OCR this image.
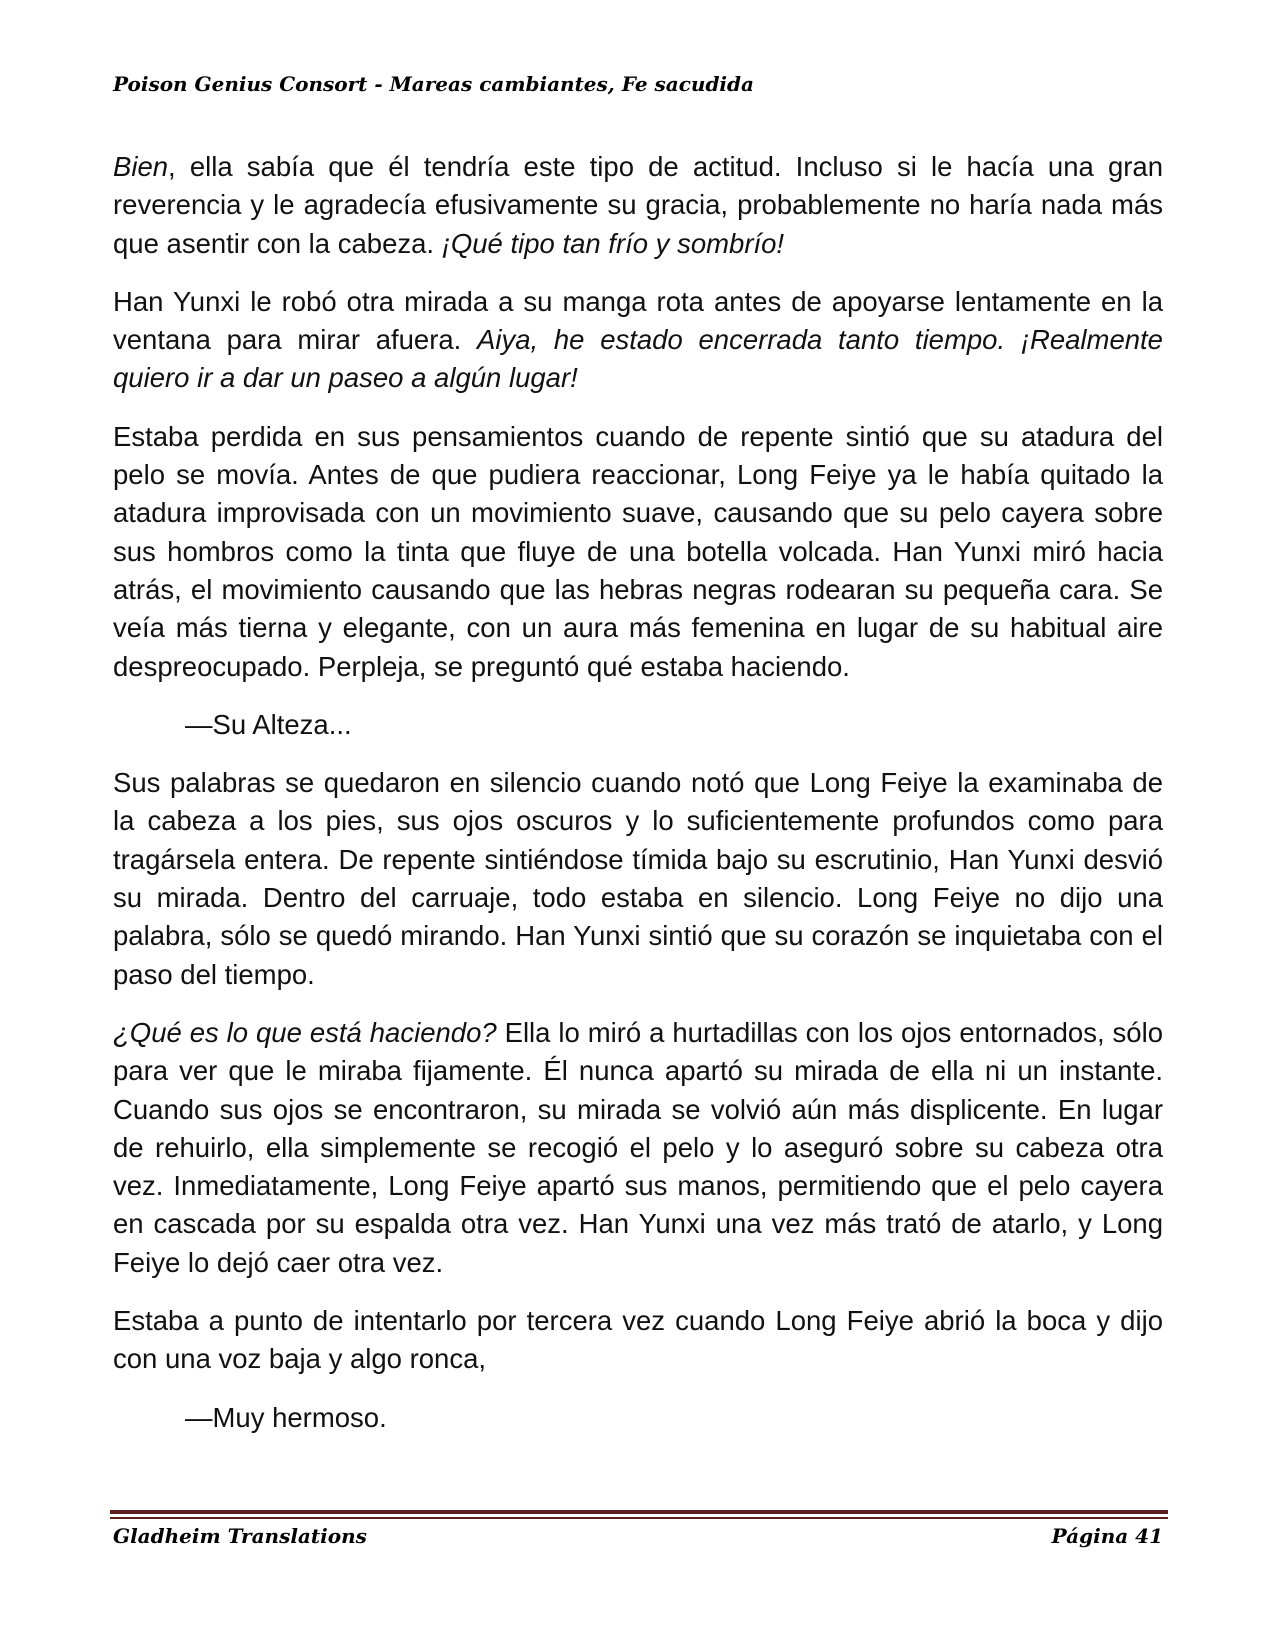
Poison Genius Consort - Mareas cambiantes, Fe sacudida

Bien, ella sabía que él tendría este tipo de actitud. Incluso si le hacía una gran reverencia y le agradecía efusivamente su gracia, probablemente no haría nada más que asentir con la cabeza. ¡Qué tipo tan frío y sombrío!

Han Yunxi le robó otra mirada a su manga rota antes de apoyarse lentamente en la ventana para mirar afuera. Aiya, he estado encerrada tanto tiempo. ¡Realmente quiero ir a dar un paseo a algún lugar!

Estaba perdida en sus pensamientos cuando de repente sintió que su atadura del pelo se movía. Antes de que pudiera reaccionar, Long Feiye ya le había quitado la atadura improvisada con un movimiento suave, causando que su pelo cayera sobre sus hombros como la tinta que fluye de una botella volcada. Han Yunxi miró hacia atrás, el movimiento causando que las hebras negras rodearan su pequeña cara. Se veía más tierna y elegante, con un aura más femenina en lugar de su habitual aire despreocupado. Perpleja, se preguntó qué estaba haciendo.

—Su Alteza...

Sus palabras se quedaron en silencio cuando notó que Long Feiye la examinaba de la cabeza a los pies, sus ojos oscuros y lo suficientemente profundos como para tragársela entera. De repente sintiéndose tímida bajo su escrutinio, Han Yunxi desvió su mirada. Dentro del carruaje, todo estaba en silencio. Long Feiye no dijo una palabra, sólo se quedó mirando. Han Yunxi sintió que su corazón se inquietaba con el paso del tiempo.

¿Qué es lo que está haciendo? Ella lo miró a hurtadillas con los ojos entornados, sólo para ver que le miraba fijamente. Él nunca apartó su mirada de ella ni un instante. Cuando sus ojos se encontraron, su mirada se volvió aún más displicente. En lugar de rehuirlo, ella simplemente se recogió el pelo y lo aseguró sobre su cabeza otra vez. Inmediatamente, Long Feiye apartó sus manos, permitiendo que el pelo cayera en cascada por su espalda otra vez. Han Yunxi una vez más trató de atarlo, y Long Feiye lo dejó caer otra vez.

Estaba a punto de intentarlo por tercera vez cuando Long Feiye abrió la boca y dijo con una voz baja y algo ronca,

—Muy hermoso.

Gladheim Translations	Página 41
